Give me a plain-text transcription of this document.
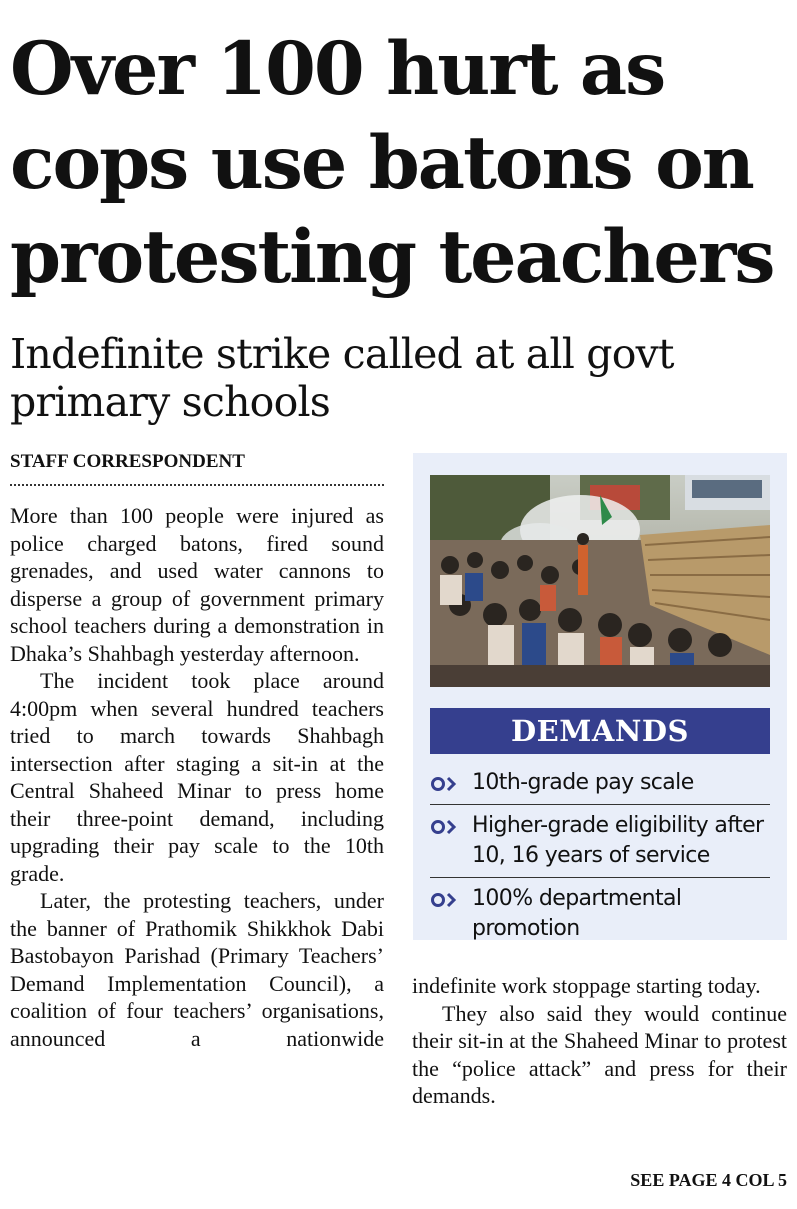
Over 100 hurt as
cops use batons on
protesting teachers
Indefinite strike called at all govt
primary schools
STAFF CORRESPONDENT

More than 100 people were injured as police charged batons, fired sound grenades, and used water cannons to disperse a group of government primary school teachers during a demonstration in Dhaka’s Shahbagh yesterday afternoon.

The incident took place around 4:00pm when several hundred teachers tried to march towards Shahbagh intersection after staging a sit-in at the Central Shaheed Minar to press home their three-point demand, including upgrading their pay scale to the 10th grade.

Later, the protesting teachers, under the banner of Prathomik Shikkhok Dabi Bastobayon Parishad (Primary Teachers’ Demand Implementation Council), a coalition of four teachers’ organisations, announced a nationwide

DEMANDS
10th-grade pay scale
Higher-grade eligibility after 10, 16 years of service
100% departmental promotion

indefinite work stoppage starting today.

They also said they would continue their sit-in at the Shaheed Minar to protest the “police attack” and press for their demands.

SEE PAGE 4 COL 5
